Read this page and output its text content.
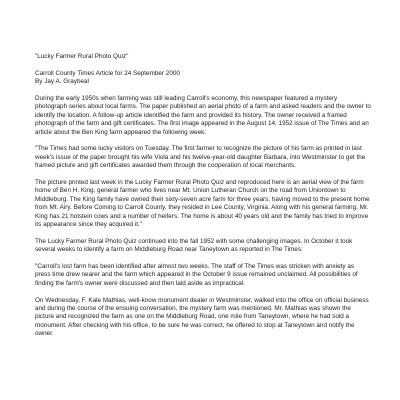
"Lucky Farmer Rural Photo Quiz"

Carroll County Times Article for 24 September 2000
By Jay A. Graybeal

During the early 1950s when farming was still leading Carroll's economy, this newspaper featured a mystery photograph series about local farms. The paper published an aerial photo of a farm and asked readers and the owner to identify the location. A follow-up article identified the farm and provided its history. The owner received a framed photograph of the farm and gift certificates. The first image appeared in the August 14, 1952 issue of The Times and an article about the Ben King farm appeared the following week:

"The Times had some lucky visitors on Tuesday. The first farmer to recognize the picture of his farm as printed in last week's issue of the paper brought his wife Viola and his twelve-year-old daughter Barbara, into Westminster to get the framed picture and gift certificates awarded them through the cooperation of local merchants.

The picture printed last week in the Lucky Farmer Rural Photo Quiz and reproduced here is an aerial view of the farm home of Ben H. King, general farmer who lives near Mt. Union Lutheran Church on the road from Uniontown to Middleburg. The King family have owned their sixty-seven acre farm for three years, having moved to the present home from Mt. Airy. Before Coming to Carroll County, they resided in Lee County, Virginia. Along with his general farming, Mr. King has 21 holstein cows and a number of heifers. The home is about 40 years old and the family has tried to improve its appearance since they acquired it."

The Lucky Farmer Rural Photo Quiz continued into the fall 1952 with some challenging images. In October it took several weeks to identify a farm on Middleburg Road near Taneytown as reported in The Times:

"Carroll's lost farm has been identified after almost two weeks. The staff of The Times was stricken with anxiety as press time drew nearer and the farm which appeared in the October 9 issue remained unclaimed. All possibilities of finding the farm's owner were discussed and then laid aside as impractical.

On Wednesday, F. Kale Mathias, well-know monument dealer in Westminster, walked into the office on official business and during the course of the ensuing conversation, the mystery farm was mentioned. Mr. Mathias was shown the picture and recognized the farm as one on the Middleburg Road, one mile from Taneytown, where he had sold a monument. After checking with his office, to be sure he was correct, he offered to stop at Taneytown and notify the owner.
